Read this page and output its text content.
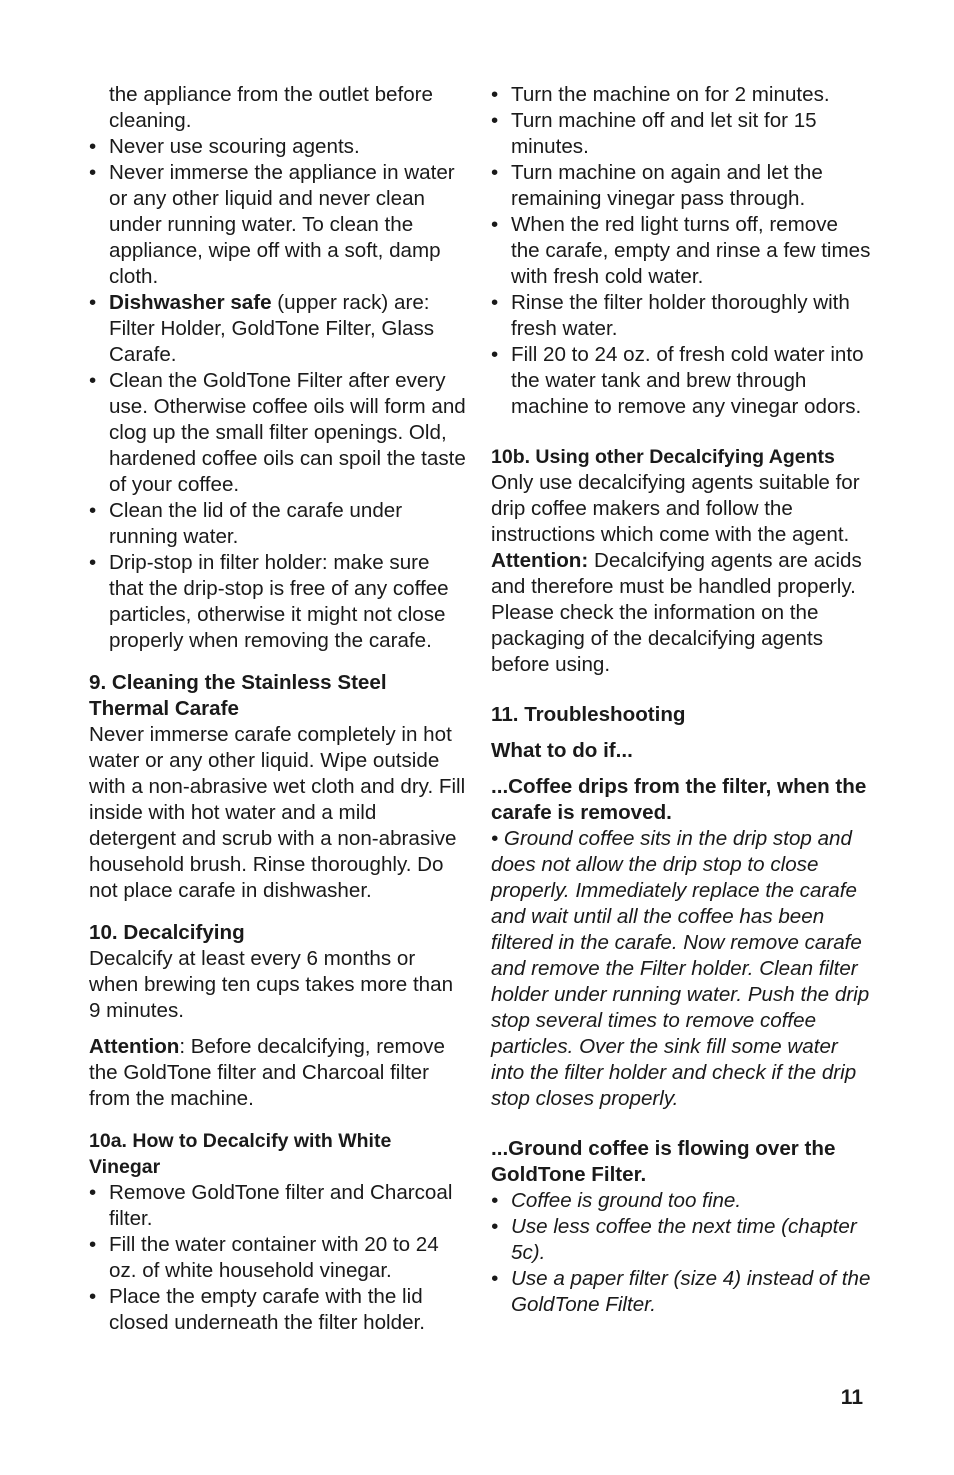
the appliance from the outlet before cleaning.

• Never use scouring agents.
• Never immerse the appliance in water or any other liquid and never clean under running water. To clean the appliance, wipe off with a soft, damp cloth.
• Dishwasher safe (upper rack) are: Filter Holder, GoldTone Filter, Glass Carafe.
• Clean the GoldTone Filter after every use. Otherwise coffee oils will form and clog up the small filter openings. Old, hardened coffee oils can spoil the taste of your coffee.
• Clean the lid of the carafe under running water.
• Drip-stop in filter holder: make sure that the drip-stop is free of any coffee particles, otherwise it might not close properly when removing the carafe.

9. Cleaning the Stainless Steel Thermal Carafe

Never immerse carafe completely in hot water or any other liquid. Wipe outside with a non-abrasive wet cloth and dry. Fill inside with hot water and a mild detergent and scrub with a non-abrasive household brush. Rinse thoroughly. Do not place carafe in dishwasher.

10. Decalcifying

Decalcify at least every 6 months or when brewing ten cups takes more than 9 minutes.

Attention: Before decalcifying, remove the GoldTone filter and Charcoal filter from the machine.

10a. How to Decalcify with White Vinegar

• Remove GoldTone filter and Charcoal filter.
• Fill the water container with 20 to 24 oz. of white household vinegar.
• Place the empty carafe with the lid closed underneath the filter holder.
• Turn the machine on for 2 minutes.
• Turn machine off and let sit for 15 minutes.
• Turn machine on again and let the remaining vinegar pass through.
• When the red light turns off, remove the carafe, empty and rinse a few times with fresh cold water.
• Rinse the filter holder thoroughly with fresh water.
• Fill 20 to 24 oz. of fresh cold water into the water tank and brew through machine to remove any vinegar odors.

10b. Using other Decalcifying Agents

Only use decalcifying agents suitable for drip coffee makers and follow the instructions which come with the agent.

Attention: Decalcifying agents are acids and therefore must be handled properly. Please check the information on the packaging of the decalcifying agents before using.

11. Troubleshooting

What to do if...

...Coffee drips from the filter, when the carafe is removed.

• Ground coffee sits in the drip stop and does not allow the drip stop to close properly. Immediately replace the carafe and wait until all the coffee has been filtered in the carafe. Now remove carafe and remove the Filter holder. Clean filter holder under running water. Push the drip stop several times to remove coffee particles. Over the sink fill some water into the filter holder and check if the drip stop closes properly.

...Ground coffee is flowing over the GoldTone Filter.

• Coffee is ground too fine.
• Use less coffee the next time (chapter 5c).
• Use a paper filter (size 4) instead of the GoldTone Filter.
11
